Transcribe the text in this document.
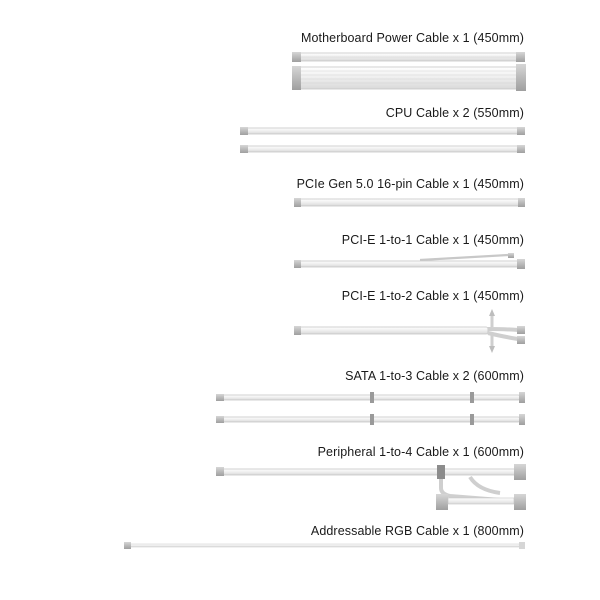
Motherboard Power Cable x 1 (450mm)
CPU Cable x 2 (550mm)
PCIe Gen 5.0 16-pin Cable x 1 (450mm)
PCI-E 1-to-1 Cable x 1 (450mm)
PCI-E 1-to-2 Cable x 1 (450mm)
SATA 1-to-3 Cable x 2 (600mm)
Peripheral 1-to-4 Cable x 1 (600mm)
Addressable RGB Cable x 1 (800mm)
